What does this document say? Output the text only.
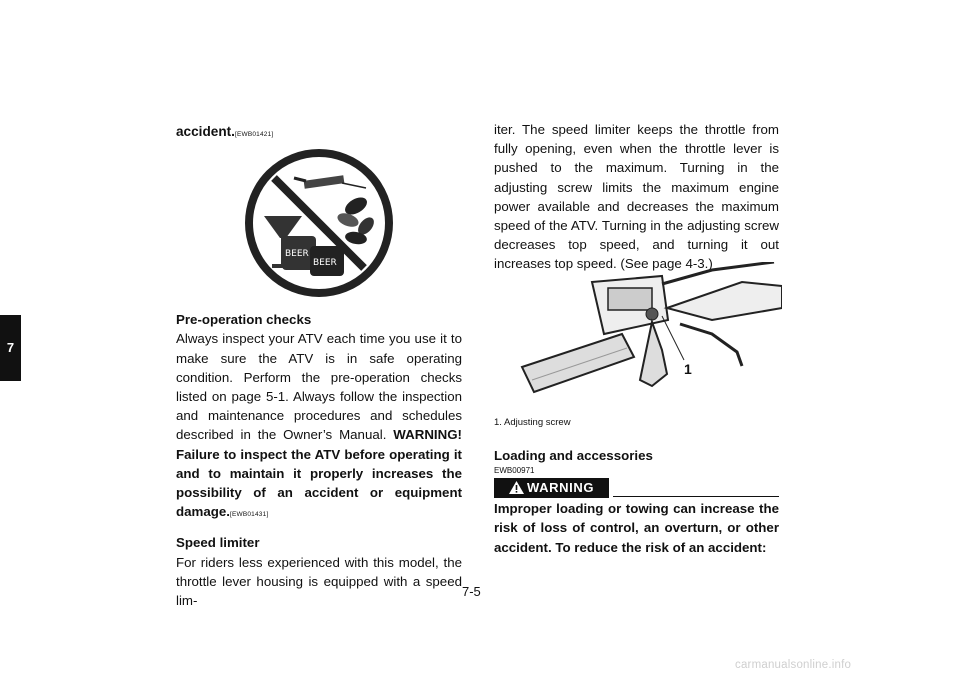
7

accident.[EWB01421]

BEER
BEER

Pre-operation checks

Always inspect your ATV each time you use it to make sure the ATV is in safe operating condition. Perform the pre-operation checks listed on page 5-1. Always follow the inspection and maintenance procedures and schedules described in the Owner’s Manual. WARNING! Failure to inspect the ATV before operating it and to maintain it properly increases the possibility of an accident or equipment damage.[EWB01431]

Speed limiter

For riders less experienced with this model, the throttle lever housing is equipped with a speed lim-

iter. The speed limiter keeps the throttle from fully opening, even when the throttle lever is pushed to the maximum. Turning in the adjusting screw limits the maximum engine power available and decreases the maximum speed of the ATV. Turning in the adjusting screw decreases top speed, and turning it out increases top speed. (See page 4-3.)

1
1. Adjusting screw
Loading and accessories
EWB00971
WARNING
Improper loading or towing can increase the risk of loss of control, an overturn, or other accident. To reduce the risk of an accident:
7-5
carmanualsonline.info
